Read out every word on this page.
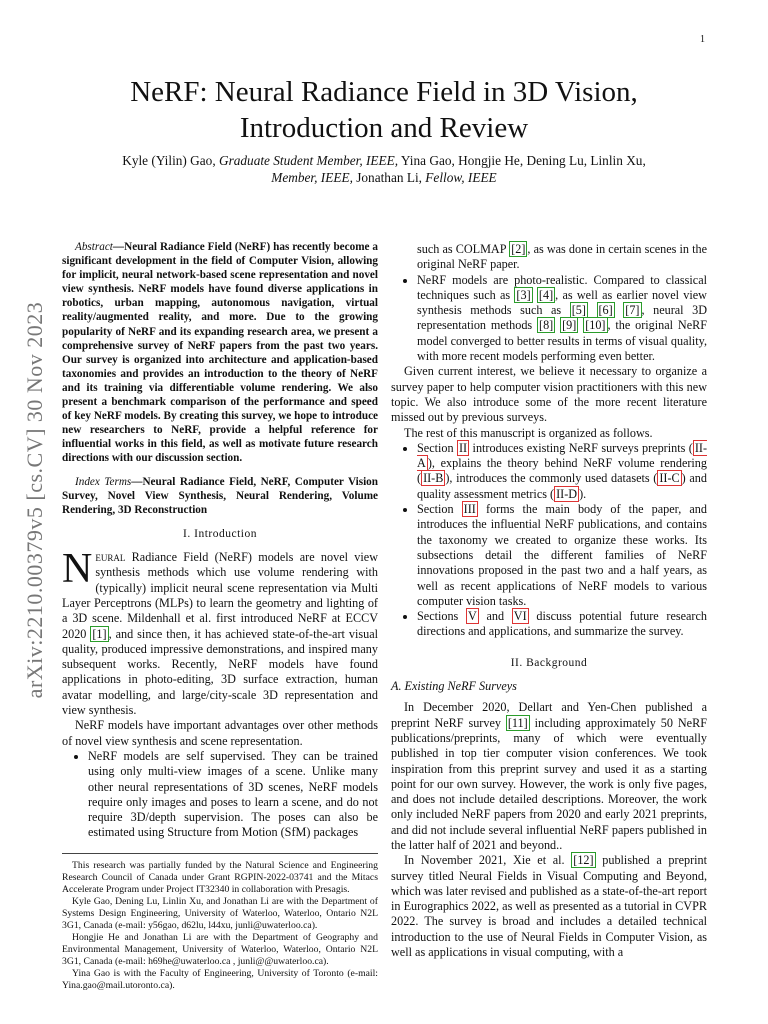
1
arXiv:2210.00379v5 [cs.CV] 30 Nov 2023
NeRF: Neural Radiance Field in 3D Vision,
Introduction and Review
Kyle (Yilin) Gao, Graduate Student Member, IEEE, Yina Gao, Hongjie He, Dening Lu, Linlin Xu, Member, IEEE, Jonathan Li, Fellow, IEEE

Abstract—Neural Radiance Field (NeRF) has recently become a significant development in the field of Computer Vision, allowing for implicit, neural network-based scene representation and novel view synthesis. NeRF models have found diverse applications in robotics, urban mapping, autonomous navigation, virtual reality/augmented reality, and more. Due to the growing popularity of NeRF and its expanding research area, we present a comprehensive survey of NeRF papers from the past two years. Our survey is organized into architecture and application-based taxonomies and provides an introduction to the theory of NeRF and its training via differentiable volume rendering. We also present a benchmark comparison of the performance and speed of key NeRF models. By creating this survey, we hope to introduce new researchers to NeRF, provide a helpful reference for influential works in this field, as well as motivate future research directions with our discussion section.

Index Terms—Neural Radiance Field, NeRF, Computer Vision Survey, Novel View Synthesis, Neural Rendering, Volume Rendering, 3D Reconstruction

I. Introduction

Neural Radiance Field (NeRF) models are novel view synthesis methods which use volume rendering with (typically) implicit neural scene representation via Multi Layer Perceptrons (MLPs) to learn the geometry and lighting of a 3D scene. Mildenhall et al. first introduced NeRF at ECCV 2020 [1] , and since then, it has achieved state-of-the-art visual quality, produced impressive demonstrations, and inspired many subsequent works. Recently, NeRF models have found applications in photo-editing, 3D surface extraction, human avatar modelling, and large/city-scale 3D representation and view synthesis.

NeRF models have important advantages over other methods of novel view synthesis and scene representation.

• NeRF models are self supervised. They can be trained using only multi-view images of a scene. Unlike many other neural representations of 3D scenes, NeRF models require only images and poses to learn a scene, and do not require 3D/depth supervision. The poses can also be estimated using Structure from Motion (SfM) packages

This research was partially funded by the Natural Science and Engineering Research Council of Canada under Grant RGPIN-2022-03741 and the Mitacs Accelerate Program under Project IT32340 in collaboration with Presagis.

Kyle Gao, Dening Lu, Linlin Xu, and Jonathan Li are with the Department of Systems Design Engineering, University of Waterloo, Waterloo, Ontario N2L 3G1, Canada (e-mail: y56gao, d62lu, l44xu, junli@uwaterloo.ca).

Hongjie He and Jonathan Li are with the Department of Geography and Environmental Management, University of Waterloo, Waterloo, Ontario N2L 3G1, Canada (e-mail: h69he@uwaterloo.ca , junli@@uwaterloo.ca).

Yina Gao is with the Faculty of Engineering, University of Toronto (e-mail: Yina.gao@mail.utoronto.ca).

such as COLMAP [2] , as was done in certain scenes in the original NeRF paper.
• NeRF models are photo-realistic. Compared to classical techniques such as [3] [4] , as well as earlier novel view synthesis methods such as [5] [6] [7] , neural 3D representation methods [8] [9] [10] , the original NeRF model converged to better results in terms of visual quality, with more recent models performing even better.

Given current interest, we believe it necessary to organize a survey paper to help computer vision practitioners with this new topic. We also introduce some of the more recent literature missed out by previous surveys.

The rest of this manuscript is organized as follows.

• Section II introduces existing NeRF surveys preprints ( II-A ), explains the theory behind NeRF volume rendering ( II-B ), introduces the commonly used datasets ( II-C ) and quality assessment metrics ( II-D ).
• Section III forms the main body of the paper, and introduces the influential NeRF publications, and contains the taxonomy we created to organize these works. Its subsections detail the different families of NeRF innovations proposed in the past two and a half years, as well as recent applications of NeRF models to various computer vision tasks.
• Sections V and VI discuss potential future research directions and applications, and summarize the survey.

II. Background

A. Existing NeRF Surveys

In December 2020, Dellart and Yen-Chen published a preprint NeRF survey [11] including approximately 50 NeRF publications/preprints, many of which were eventually published in top tier computer vision conferences. We took inspiration from this preprint survey and used it as a starting point for our own survey. However, the work is only five pages, and does not include detailed descriptions. Moreover, the work only included NeRF papers from 2020 and early 2021 preprints, and did not include several influential NeRF papers published in the latter half of 2021 and beyond..

In November 2021, Xie et al. [12] published a preprint survey titled Neural Fields in Visual Computing and Beyond, which was later revised and published as a state-of-the-art report in Eurographics 2022, as well as presented as a tutorial in CVPR 2022. The survey is broad and includes a detailed technical introduction to the use of Neural Fields in Computer Vision, as well as applications in visual computing, with a
